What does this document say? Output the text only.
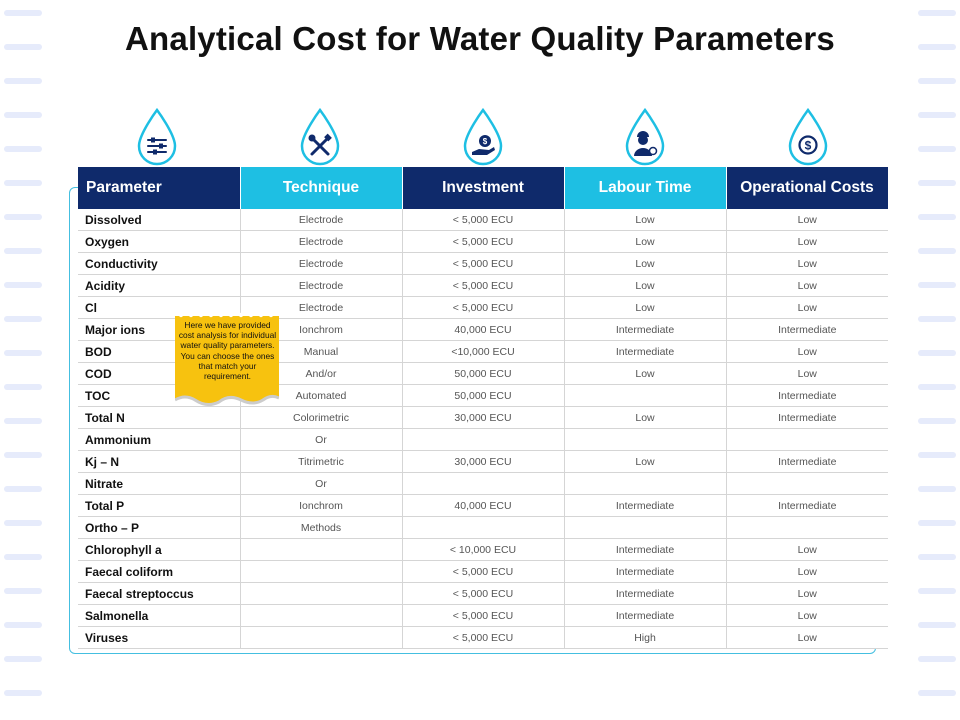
Analytical Cost for Water Quality Parameters
$	$
Parameter	Technique	Investment	Labour Time	Operational Costs
Dissolved	Electrode	< 5,000 ECU	Low	Low
Oxygen	Electrode	< 5,000 ECU	Low	Low
Conductivity	Electrode	< 5,000 ECU	Low	Low
Acidity	Electrode	< 5,000 ECU	Low	Low
Cl	Electrode	< 5,000 ECU	Low	Low
Major ions	Ionchrom	40,000 ECU	Intermediate	Intermediate
BOD	Manual	<10,000 ECU	Intermediate	Low
COD	And/or	50,000 ECU	Low	Low
TOC	Automated	50,000 ECU		Intermediate
Total N	Colorimetric	30,000 ECU	Low	Intermediate
Ammonium	Or			
Kj – N	Titrimetric	30,000 ECU	Low	Intermediate
Nitrate	Or			
Total P	Ionchrom	40,000 ECU	Intermediate	Intermediate
Ortho – P	Methods			
Chlorophyll a		< 10,000 ECU	Intermediate	Low
Faecal coliform		< 5,000 ECU	Intermediate	Low
Faecal streptoccus		< 5,000 ECU	Intermediate	Low
Salmonella		< 5,000 ECU	Intermediate	Low
Viruses		< 5,000 ECU	High	Low
Here we have provided cost analysis for individual water quality parameters. You can choose the ones that match your requirement.
